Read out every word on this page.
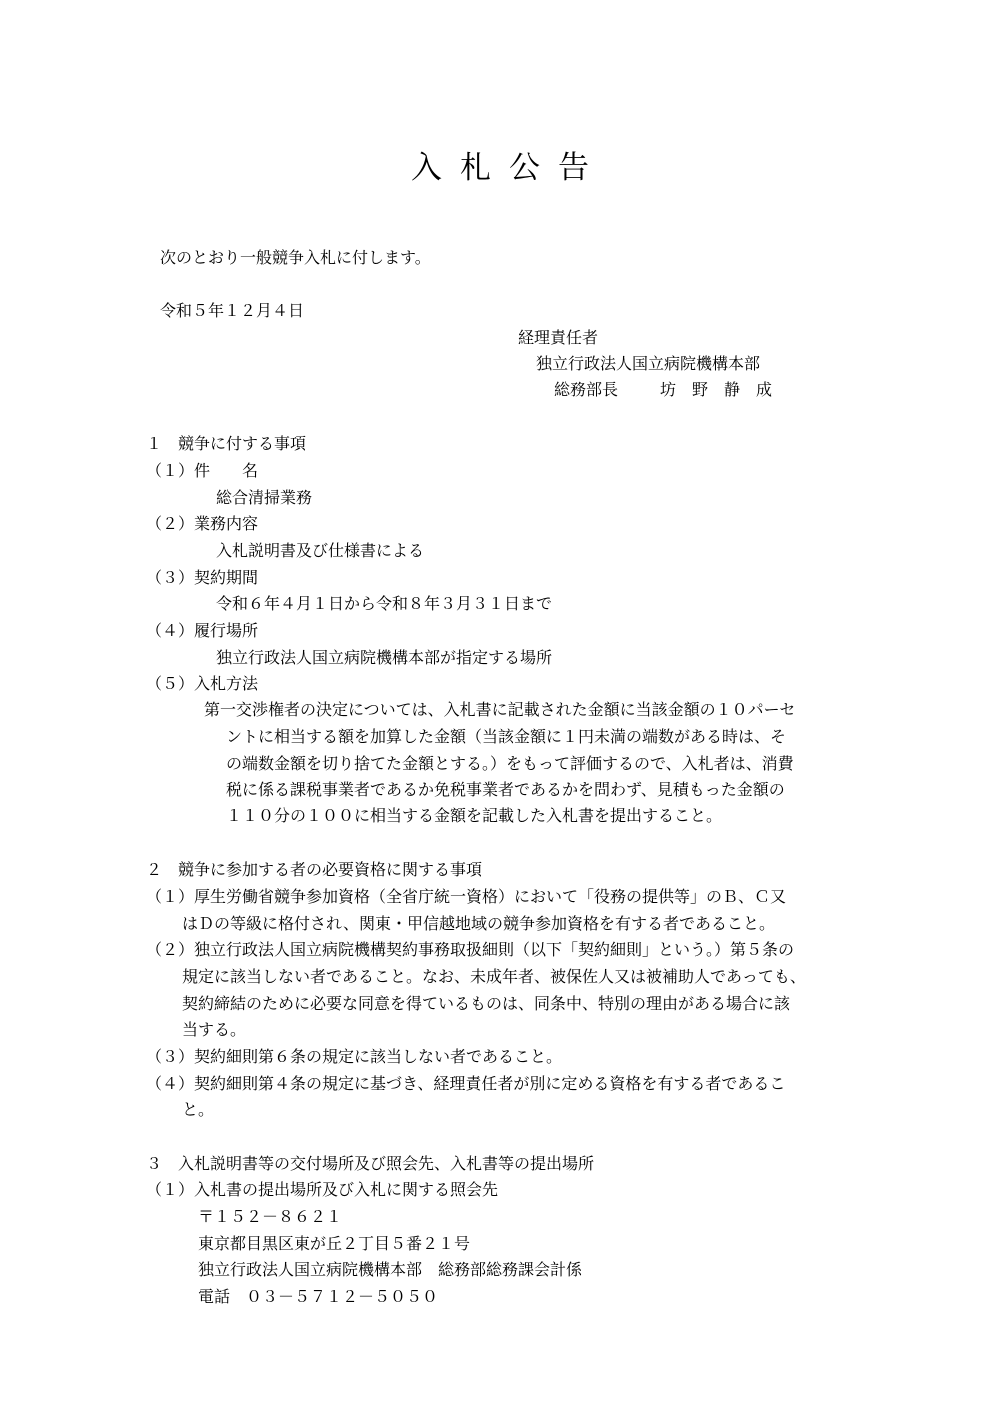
入札公告
次のとおり一般競争入札に付します。
令和５年１２月４日
経理責任者
独立行政法人国立病院機構本部
総務部長	坊　野　静　成
１　競争に付する事項
（１）件　　名
総合清掃業務
（２）業務内容
入札説明書及び仕様書による
（３）契約期間
令和６年４月１日から令和８年３月３１日まで
（４）履行場所
独立行政法人国立病院機構本部が指定する場所
（５）入札方法
第一交渉権者の決定については、入札書に記載された金額に当該金額の１０パーセ
ントに相当する額を加算した金額（当該金額に１円未満の端数がある時は、そ
の端数金額を切り捨てた金額とする。）をもって評価するので、入札者は、消費
税に係る課税事業者であるか免税事業者であるかを問わず、見積もった金額の
１１０分の１００に相当する金額を記載した入札書を提出すること。
２　競争に参加する者の必要資格に関する事項
（１）厚生労働省競争参加資格（全省庁統一資格）において「役務の提供等」のＢ、Ｃ又
はＤの等級に格付され、関東・甲信越地域の競争参加資格を有する者であること。
（２）独立行政法人国立病院機構契約事務取扱細則（以下「契約細則」という。）第５条の
規定に該当しない者であること。なお、未成年者、被保佐人又は被補助人であっても、
契約締結のために必要な同意を得ているものは、同条中、特別の理由がある場合に該
当する。
（３）契約細則第６条の規定に該当しない者であること。
（４）契約細則第４条の規定に基づき、経理責任者が別に定める資格を有する者であるこ
と。
３　入札説明書等の交付場所及び照会先、入札書等の提出場所
（１）入札書の提出場所及び入札に関する照会先
〒１５２－８６２１
東京都目黒区東が丘２丁目５番２１号
独立行政法人国立病院機構本部　総務部総務課会計係
電話　０３－５７１２－５０５０
